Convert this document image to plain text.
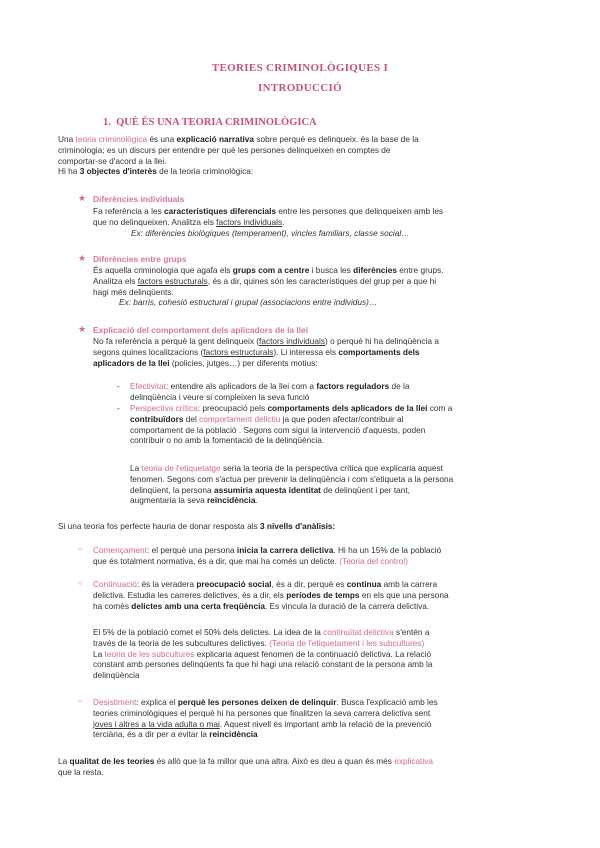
TEORIES CRIMINOLÒGIQUES I
INTRODUCCIÓ
1. QUÈ ÉS UNA TEORIA CRIMINOLÒGICA
Una teoria criminològica és una explicació narrativa sobre perquè es delinqueix. és la base de la
criminologia; es un discurs per entendre per què les persones delinqueixen en comptes de
comportar-se d'acord a la llei.
Hi ha 3 objectes d'interès de la teoria criminològica:
★ Diferències individuals
Fa referència a les característiques diferencials entre les persones que delinqueixen amb les
que no delinqueixen. Analitza els factors individuals.
Ex: diferències biològiques (temperament), vincles familiars, classe social…
★ Diferències entre grups
És aquella criminologia que agafa els grups com a centre i busca les diferències entre grups.
Analitza els factors estructurals, és a dir, quines són les característiques del grup per a que hi
hagi més delinqüents.
Ex: barris, cohesió estructural i grupal (associacions entre individus)…
★ Explicació del comportament dels aplicadors de la llei
No fa referència a perquè la gent delinqueix (factors individuals) o perquè hi ha delinqüència a
segons quines localitzacions (factors estructurals). Li interessa els comportaments dels
aplicadors de la llei (policies, jutges…) per diferents motius:
- Efectivitat: entendre als aplicadors de la llei com a factors reguladors de la
delinqüència i veure si compleixen la seva funció
- Perspectiva crítica: preocupació pels comportaments dels aplicadors de la llei com a
contribuïdors del comportament delictiu ja que poden afectar/contribuir al
comportament de la població . Segons com sigui la intervenció d'aquests, poden
contribuir o no amb la fomentació de la delinqüència.
La teoria de l'etiquetatge seria la teoria de la perspectiva crítica que explicaria aquest
fenomen. Segons com s'actua per prevenir la delinqüència i com s'etiqueta a la persona
delinqüent, la persona assumiria aquesta identitat de delinqüent i per tant,
augmentaria la seva reincidència.
Si una teoria fos perfecte hauria de donar resposta als 3 nivells d'anàlisis:
○ Començament: el perquè una persona inicia la carrera delictiva. Hi ha un 15% de la població
que és totalment normativa, és a dir, que mai ha comès un delicte. (Teoria del control)
○ Continuació: és la veradera preocupació social, és a dir, perquè es continua amb la carrera
delictiva. Estudia les carreres delictives, és a dir, els períodes de temps en els que una persona
ha comès delictes amb una certa freqüència. Es vincula la duració de la carrera delictiva.
El 5% de la població comet el 50% dels delictes. La idea de la continuïtat delictiva s'entén a
través de la teoria de les subcultures delictives. (Teoria de l'etiquetament i les subcultures)
La teoria de les subcultures explicaria aquest fenomen de la continuació delictiva. La relació
constant amb persones delinqüents fa que hi hagi una relació constant de la persona amb la
delinqüència
○ Desistiment: explica el perquè les persones deixen de delinquir. Busca l'explicació amb les
teories criminològiques el perquè hi ha persones que finalitzen la seva carrera delictiva sent
joves i altres a la vida adulta o mai. Aquest nivell és important amb la relació de la prevenció
terciària, és a dir per a evitar la reincidència
La qualitat de les teories és allò que la fa millor que una altra. Això es deu a quan és més explicativa
que la resta.
